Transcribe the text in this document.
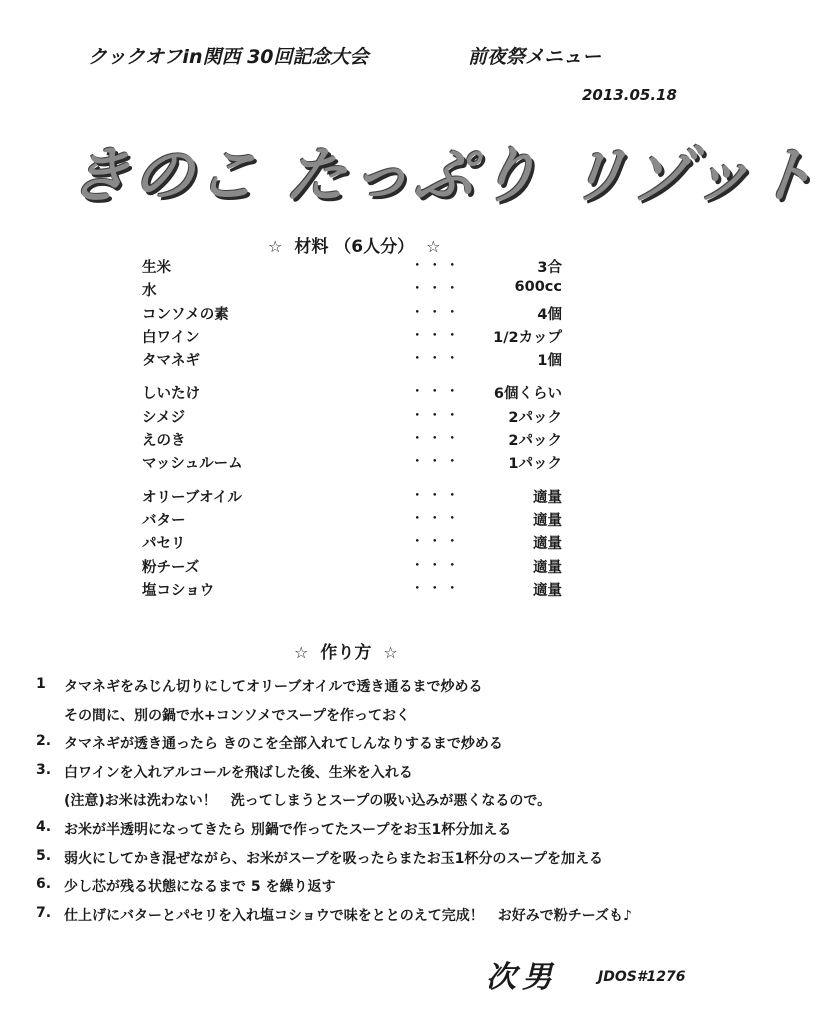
クックオフin関西 30回記念大会	前夜祭メニュー
2013.05.18
きのこ たっぷり リゾット
☆ 材料 （6人分） ☆
生米	・・・	3合
水	・・・	600cc
コンソメの素	・・・	4個
白ワイン	・・・ 1/2カップ
タマネギ	・・・	1個
しいたけ	・・・ 6個くらい
シメジ	・・・	2パック
えのき	・・・	2パック
マッシュルーム	・・・	1パック
オリーブオイル	・・・	適量
バター	・・・	適量
パセリ	・・・	適量
粉チーズ	・・・	適量
塩コショウ	・・・	適量
☆ 作り方 ☆
1 タマネギをみじん切りにしてオリーブオイルで透き通るまで炒める
その間に、別の鍋で水+コンソメでスープを作っておく
2. タマネギが透き通ったら きのこを全部入れてしんなりするまで炒める
3. 白ワインを入れアルコールを飛ばした後、生米を入れる
(注意)お米は洗わない！　洗ってしまうとスープの吸い込みが悪くなるので。
4. お米が半透明になってきたら 別鍋で作ってたスープをお玉1杯分加える
5. 弱火にしてかき混ぜながら、お米がスープを吸ったらまたお玉1杯分のスープを加える
6. 少し芯が残る状態になるまで 5 を繰り返す
7. 仕上げにバターとパセリを入れ塩コショウで味をととのえて完成！　お好みで粉チーズも♪
次男	JDOS#1276
